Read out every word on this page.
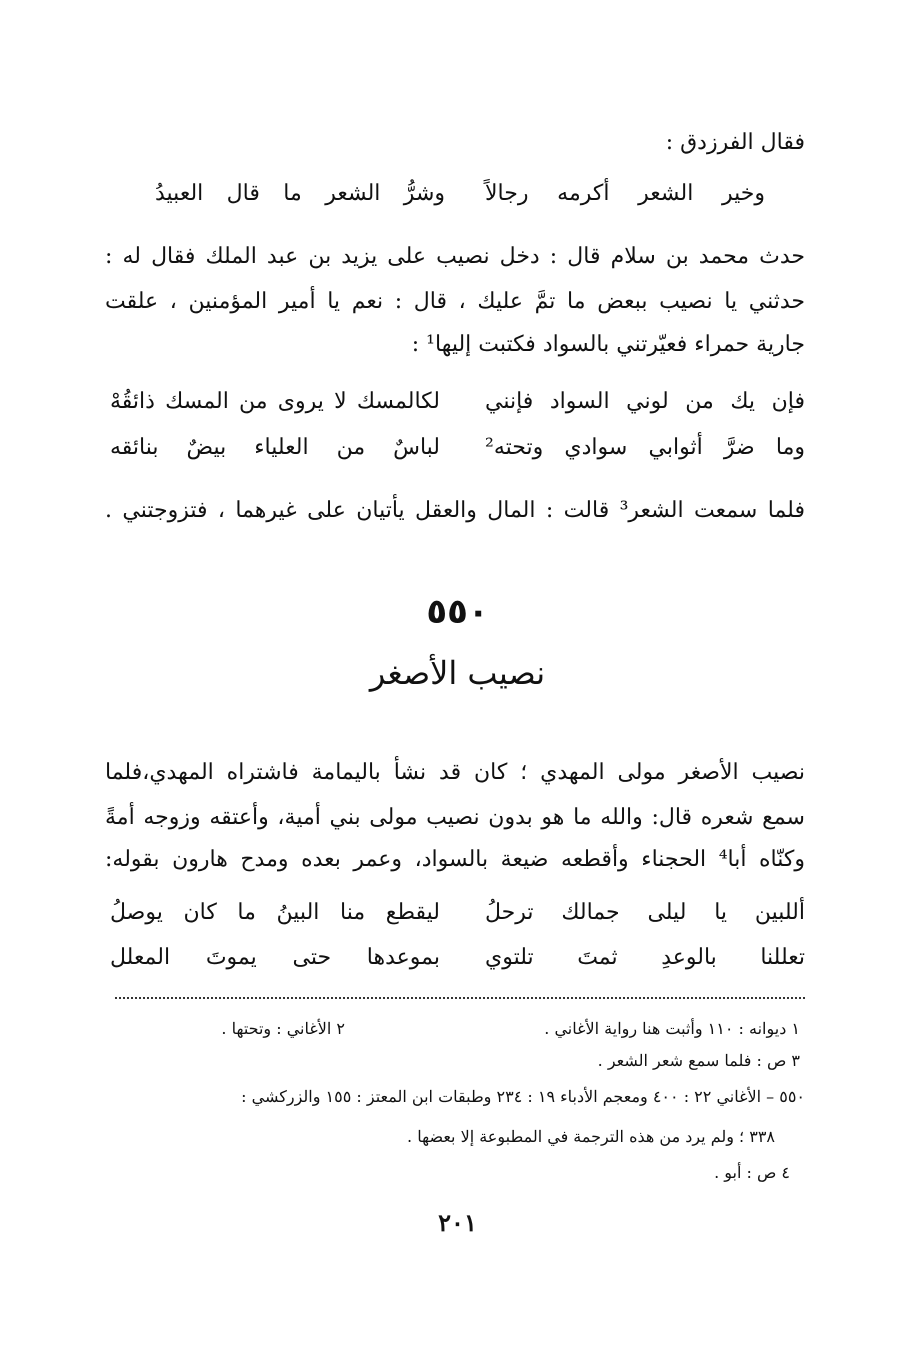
فقال الفرزدق :
وخير الشعر أكرمه رجالاً
وشرُّ الشعر ما قال العبيدُ
حدث محمد بن سلام قال : دخل نصيب على يزيد بن عبد الملك فقال له :
حدثني يا نصيب ببعض ما تمَّ عليك ، قال : نعم يا أمير المؤمنين ، علقت
جارية حمراء فعيّرتني بالسواد فكتبت إليها¹ :
فإن يك من لوني السواد فإنني
لكالمسك لا يروى من المسك ذائقُهْ
وما ضرَّ أثوابي سوادي وتحته²
لباسٌ من العلياء بيضٌ بنائقه
فلما سمعت الشعر³ قالت : المال والعقل يأتيان على غيرهما ، فتزوجتني .
٥٥٠
نصيب الأصغر
نصيب الأصغر مولى المهدي ؛ كان قد نشأ باليمامة فاشتراه المهدي،فلما
سمع شعره قال: والله ما هو بدون نصيب مولى بني أمية، وأعتقه وزوجه أمةً
وكنّاه أبا⁴ الحجناء وأقطعه ضيعة بالسواد، وعمر بعده ومدح هارون بقوله:
أللبين يا ليلى جمالك ترحلُ
ليقطع منا البينُ ما كان يوصلُ
تعللنا بالوعدِ ثمتَ تلتوي
بموعدها حتى يموتَ المعلل
١ ديوانه : ١١٠ وأثبت هنا رواية الأغاني .
٢ الأغاني : وتحتها .
٣ ص : فلما سمع شعر الشعر .
٥٥٠ – الأغاني ٢٢ : ٤٠٠ ومعجم الأدباء ١٩ : ٢٣٤ وطبقات ابن المعتز : ١٥٥ والزركشي :
٣٣٨ ؛ ولم يرد من هذه الترجمة في المطبوعة إلا بعضها .
٤ ص : أبو .
٢٠١
